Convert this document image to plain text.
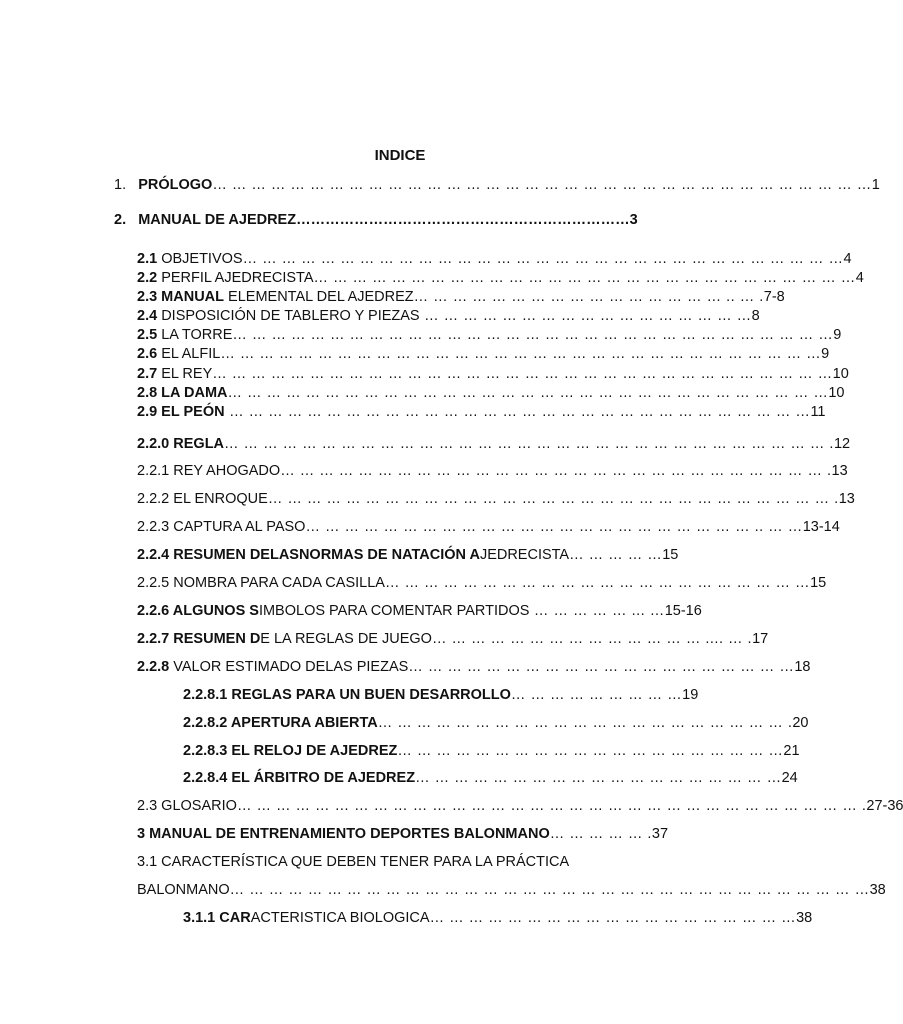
INDICE
1. PRÓLOGO… … … … … … … … … … … … … … … … … … … … … … … … … … … … … … … … … …1
2. MANUAL DE AJEDREZ……………………………………………………………3
2.1 OBJETIVOS… … … … … … … … … … … … … … … … … … … … … … … … … … … … … … …4
2.2 PERFIL AJEDRECISTA… … … … … … … … … … … … … … … … … … … … … … … … … … … …4
2.3 MANUAL ELEMENTAL DEL AJEDREZ… … … … … … … … … … … … … … … … .. … .7-8
2.4 DISPOSICIÓN DE TABLERO Y PIEZAS … … … … … … … … … … … … … … … … …8
2.5 LA TORRE… … … … … … … … … … … … … … … … … … … … … … … … … … … … … … …9
2.6 EL ALFIL… … … … … … … … … … … … … … … … … … … … … … … … … … … … … … …9
2.7 EL REY… … … … … … … … … … … … … … … … … … … … … … … … … … … … … … … …10
2.8 LA DAMA… … … … … … … … … … … … … … … … … … … … … … … … … … … … … … …10
2.9 EL PEÓN … … … … … … … … … … … … … … … … … … … … … … … … … … … … … …11
2.2.0 REGLA… … … … … … … … … … … … … … … … … … … … … … … … … … … … … … … .12
2.2.1 REY AHOGADO… … … … … … … … … … … … … … … … … … … … … … … … … … … … .13
2.2.2 EL ENROQUE… … … … … … … … … … … … … … … … … … … … … … … … … … … … … .13
2.2.3 CAPTURA AL PASO… … … … … … … … … … … … … … … … … … … … … … … .. … …13-14
2.2.4 RESUMEN DELASNORMAS DE NATACIÓN AJEDRECISTA… … … … …15
2.2.5 NOMBRA PARA CADA CASILLA… … … … … … … … … … … … … … … … … … … … … …15
2.2.6 ALGUNOS SIMBOLOS PARA COMENTAR PARTIDOS … … … … … ... …15-16
2.2.7 RESUMEN DE LA REGLAS DE JUEGO… … … … … … … … … … … … … … .... … .17
2.2.8 VALOR ESTIMADO DELAS PIEZAS… … … … … … … … … … … … … … … … … … … …18
2.2.8.1 REGLAS PARA UN BUEN DESARROLLO… … … … … … … … …19
2.2.8.2 APERTURA ABIERTA… … … … … … … … … … … … … … … … … … … … … .20
2.2.8.3 EL RELOJ DE AJEDREZ… … … … … … … … … … … … … … … … … … … …21
2.2.8.4 EL ÁRBITRO DE AJEDREZ… … … … … … … … … … … … … … … … … … …24
2.3 GLOSARIO… … … … … … … … … … … … … … … … … … … … … … … … … … … … … … … … .27-36
3 MANUAL DE ENTRENAMIENTO DEPORTES BALONMANO… … … … … .37
3.1 CARACTERÍSTICA QUE DEBEN TENER PARA LA PRÁCTICA
BALONMANO… … … … … … … … … … … … … … … … … … … … … … … … … … … … … … … … …38
3.1.1 CARACTERISTICA BIOLOGICA… … … … … … … … … … … … … … … … … … …38
